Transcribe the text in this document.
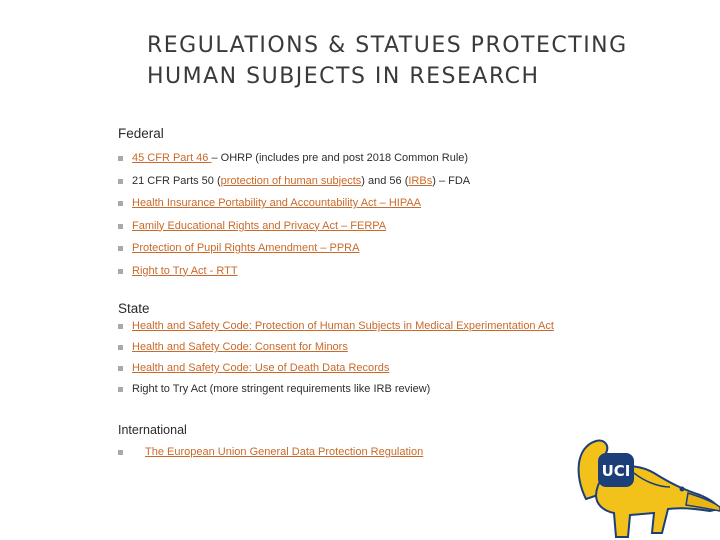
REGULATIONS & STATUES PROTECTING HUMAN SUBJECTS IN RESEARCH
Federal
45 CFR Part 46 – OHRP (includes pre and post 2018 Common Rule)
21 CFR Parts 50 (protection of human subjects) and 56 (IRBs) – FDA
Health Insurance Portability and Accountability Act – HIPAA
Family Educational Rights and Privacy Act – FERPA
Protection of Pupil Rights Amendment – PPRA
Right to Try Act - RTT
State
Health and Safety Code: Protection of Human Subjects in Medical Experimentation Act
Health and Safety Code: Consent for Minors
Health and Safety Code: Use of Death Data Records
Right to Try Act (more stringent requirements like IRB review)
International
The European Union General Data Protection Regulation
UCI
